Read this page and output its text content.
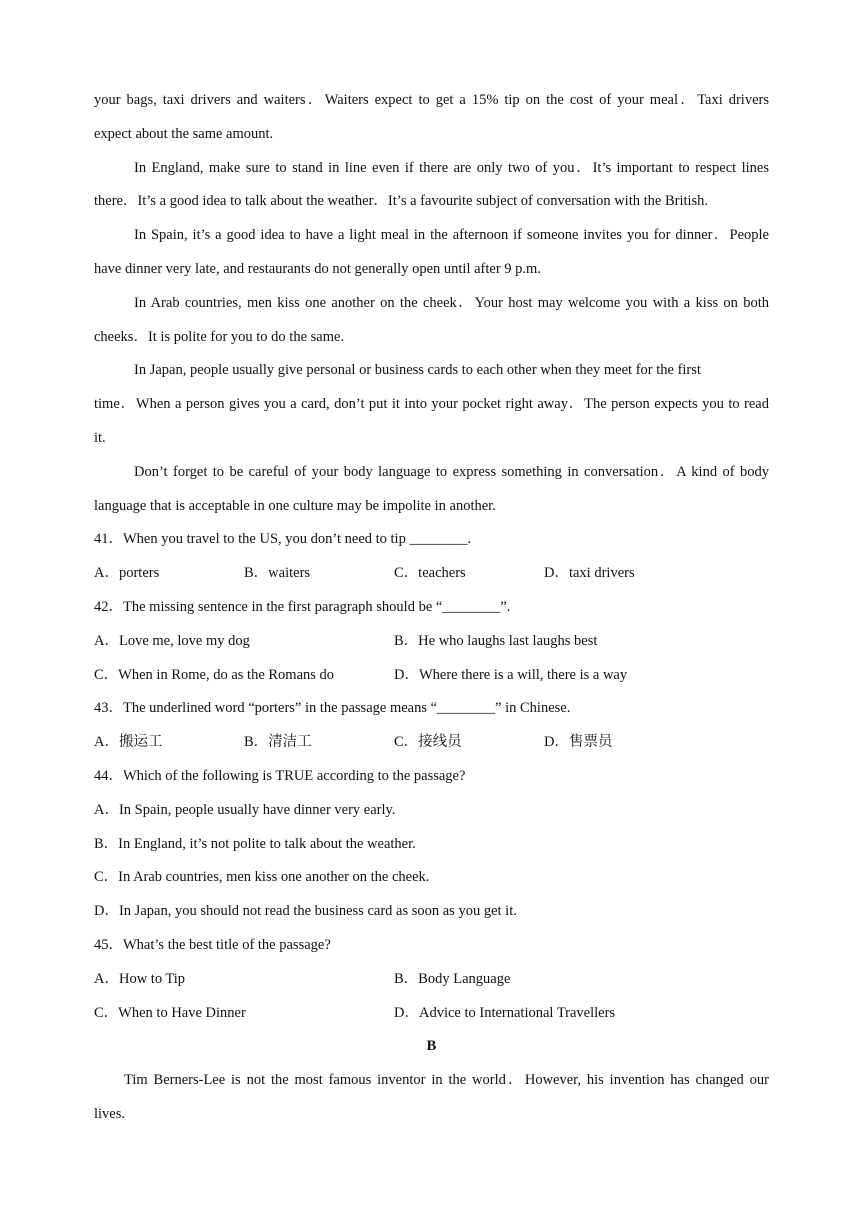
your bags, taxi drivers and waiters．Waiters expect to get a 15% tip on the cost of your meal．Taxi drivers
expect about the same amount.
In England, make sure to stand in line even if there are only two of you．It’s important to respect lines
there．It’s a good idea to talk about the weather．It’s a favourite subject of conversation with the British.
In Spain, it’s a good idea to have a light meal in the afternoon if someone invites you for dinner．People
have dinner very late, and restaurants do not generally open until after 9 p.m.
In Arab countries, men kiss one another on the cheek．Your host may welcome you with a kiss on both
cheeks．It is polite for you to do the same.
In Japan, people usually give personal or business cards to each other when they meet for the first
time．When a person gives you a card, don’t put it into your pocket right away．The person expects you to read
it.
Don’t forget to be careful of your body language to express something in conversation．A kind of body
language that is acceptable in one culture may be impolite in another.
41．When you travel to the US, you don’t need to tip ________.
A．porters	B．waiters	C．teachers	D．taxi drivers
42．The missing sentence in the first paragraph should be “________”.
A．Love me, love my dog	B．He who laughs last laughs best
C．When in Rome, do as the Romans do	D．Where there is a will, there is a way
43．The underlined word “porters” in the passage means “________” in Chinese.
A．搬运工	B．清洁工	C．接线员	D．售票员
44．Which of the following is TRUE according to the passage?
A．In Spain, people usually have dinner very early.
B．In England, it’s not polite to talk about the weather.
C．In Arab countries, men kiss one another on the cheek.
D．In Japan, you should not read the business card as soon as you get it.
45．What’s the best title of the passage?
A．How to Tip	B．Body Language
C．When to Have Dinner	D．Advice to International Travellers
B
Tim Berners-Lee is not the most famous inventor in the world．However, his invention has changed our
lives.
